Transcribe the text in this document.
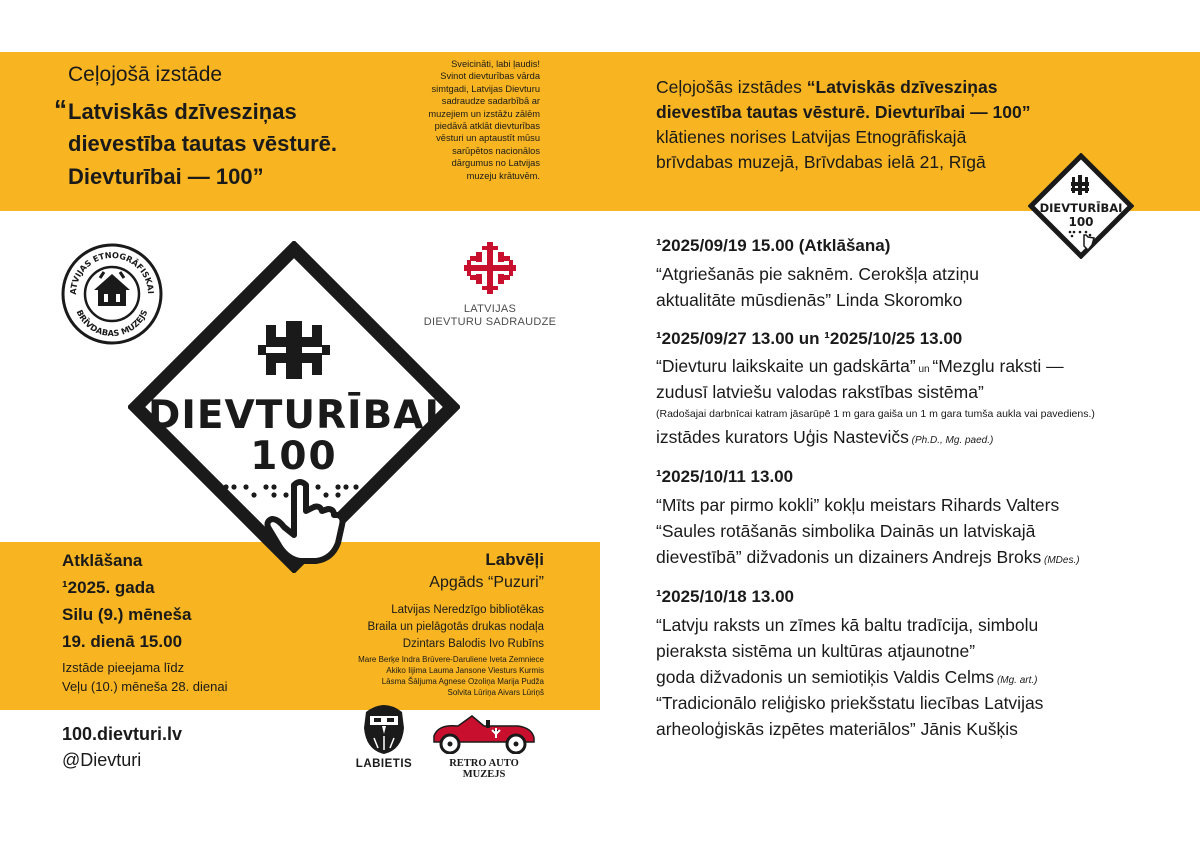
Ceļojošā izstāde
“ Latviskās dzīvesziņas
dievestība tautas vēsturē.
Dievturībai — 100”
Sveicināti, labi ļaudis!
Svinot dievturības vārda
simtgadi, Latvijas Dievturu
sadraudze sadarbībā ar
muzejiem un izstāžu zālēm
piedāvā atklāt dievturības
vēsturi un aptaustīt mūsu
sarūpētos nacionālos
dārgumus no Latvijas
muzeju krātuvēm.
Ceļojošās izstādes “Latviskās dzīvesziņas
dievestība tautas vēsturē. Dievturībai — 100”
klātienes norises Latvijas Etnogrāfiskajā
brīvdabas muzejā, Brīvdabas ielā 21, Rīgā
DIEVTURĪBAI
100
ATVIJAS ETNOGRĀFISKAI
BRĪVDABAS MUZEJS	LATVIJAS
DIEVTURU SADRAUDZE
DIEVTURĪBAI
100
¹2025/09/19 15.00 (Atklāšana)
“Atgriešanās pie saknēm. Cerokšļa atziņu
aktualitāte mūsdienās” Linda Skoromko
¹2025/09/27 13.00 un ¹2025/10/25 13.00
“Dievturu laikskaite un gadskārta” un “Mezglu raksti —
zudusī latviešu valodas rakstības sistēma”
(Radošajai darbnīcai katram jāsarūpē 1 m gara gaiša un 1 m gara tumša aukla vai pavediens.)
izstādes kurators Uģis Nastevičs (Ph.D., Mg. paed.)
¹2025/10/11 13.00
“Mīts par pirmo kokli” kokļu meistars Rihards Valters
“Saules rotāšanās simbolika Dainās un latviskajā
dievestībā” dižvadonis un dizainers Andrejs Broks (MDes.)
¹2025/10/18 13.00
“Latvju raksts un zīmes kā baltu tradīcija, simbolu
pieraksta sistēma un kultūras atjaunotne”
goda dižvadonis un semiotiķis Valdis Celms (Mg. art.)
“Tradicionālo reliģisko priekšstatu liecības Latvijas
arheoloģiskās izpētes materiālos” Jānis Kušķis
Atklāšana
¹2025. gada
Silu (9.) mēneša
19. dienā 15.00
Izstāde pieejama līdz
Veļu (10.) mēneša 28. dienai
Labvēļi
Apgāds “Puzuri”
Latvijas Neredzīgo bibliotēkas
Braila un pielāgotās drukas nodaļa
Dzintars Balodis Ivo Rubīns
Mare Berķe Indra Brūvere-Daruliene Iveta Zemniece
Akiko Iijima Lauma Jansone Viesturs Kurmis
Lāsma Šāljuma Agnese Ozoliņa Marija Pudža
Solvita Lūriņa Aivars Lūriņš
100.dievturi.lv
@Dievturi	LABIETIS	RETRO AUTO MUZEJS
